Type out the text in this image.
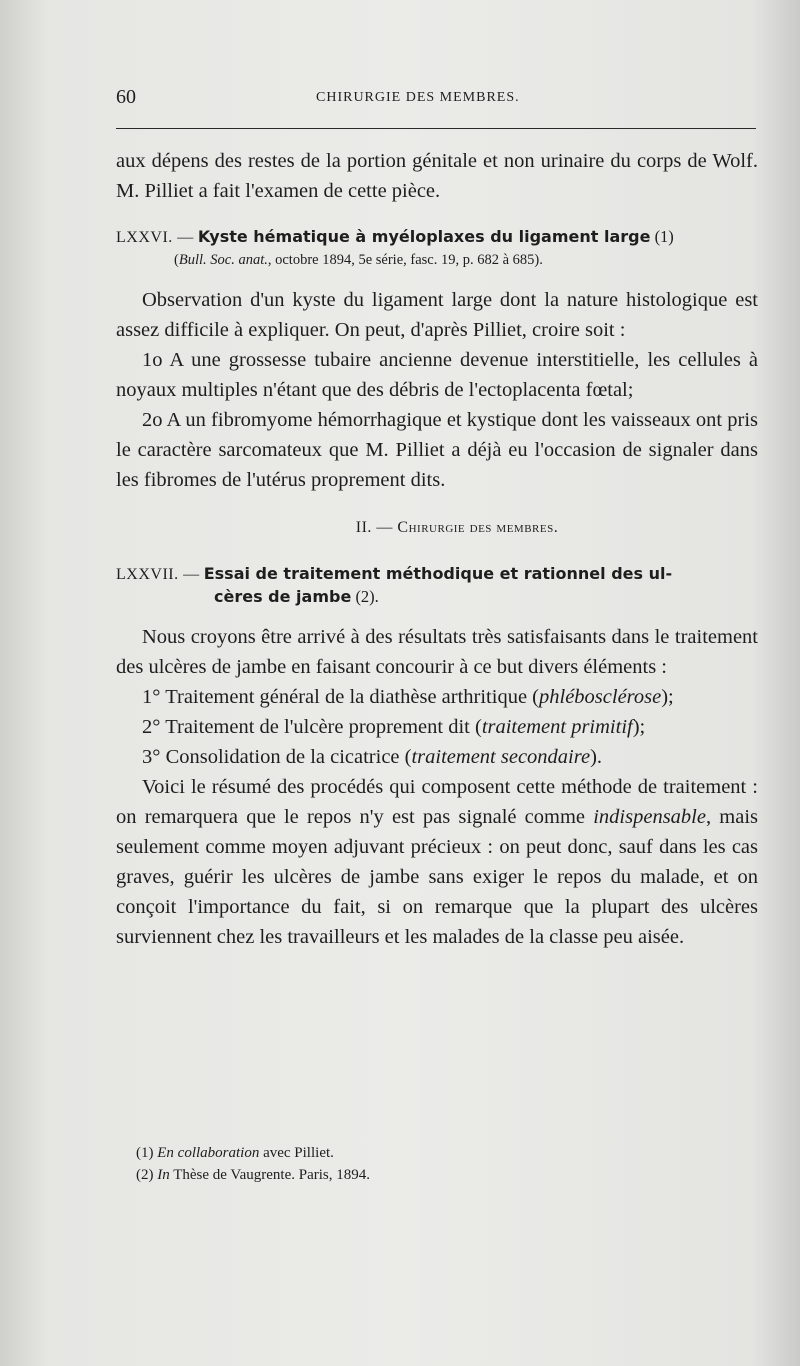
60	CHIRURGIE DES MEMBRES.

aux dépens des restes de la portion génitale et non urinaire du corps de Wolf. M. Pilliet a fait l'examen de cette pièce.

LXXVI. — Kyste hématique à myéloplaxes du ligament large (1)
(Bull. Soc. anat., octobre 1894, 5e série, fasc. 19, p. 682 à 685).

Observation d'un kyste du ligament large dont la nature histologique est assez difficile à expliquer. On peut, d'après Pilliet, croire soit :

1o A une grossesse tubaire ancienne devenue interstitielle, les cellules à noyaux multiples n'étant que des débris de l'ectoplacenta fœtal;

2o A un fibromyome hémorrhagique et kystique dont les vaisseaux ont pris le caractère sarcomateux que M. Pilliet a déjà eu l'occasion de signaler dans les fibromes de l'utérus proprement dits.

II. — Chirurgie des membres.

LXXVII. — Essai de traitement méthodique et rationnel des ul-
cères de jambe (2).

Nous croyons être arrivé à des résultats très satisfaisants dans le traitement des ulcères de jambe en faisant concourir à ce but divers éléments :

1° Traitement général de la diathèse arthritique (phlébosclérose);

2° Traitement de l'ulcère proprement dit (traitement primitif);

3° Consolidation de la cicatrice (traitement secondaire).

Voici le résumé des procédés qui composent cette méthode de traitement : on remarquera que le repos n'y est pas signalé comme indispensable, mais seulement comme moyen adjuvant précieux : on peut donc, sauf dans les cas graves, guérir les ulcères de jambe sans exiger le repos du malade, et on conçoit l'importance du fait, si on remarque que la plupart des ulcères surviennent chez les travailleurs et les malades de la classe peu aisée.

(1) En collaboration avec Pilliet.

(2) In Thèse de Vaugrente. Paris, 1894.
